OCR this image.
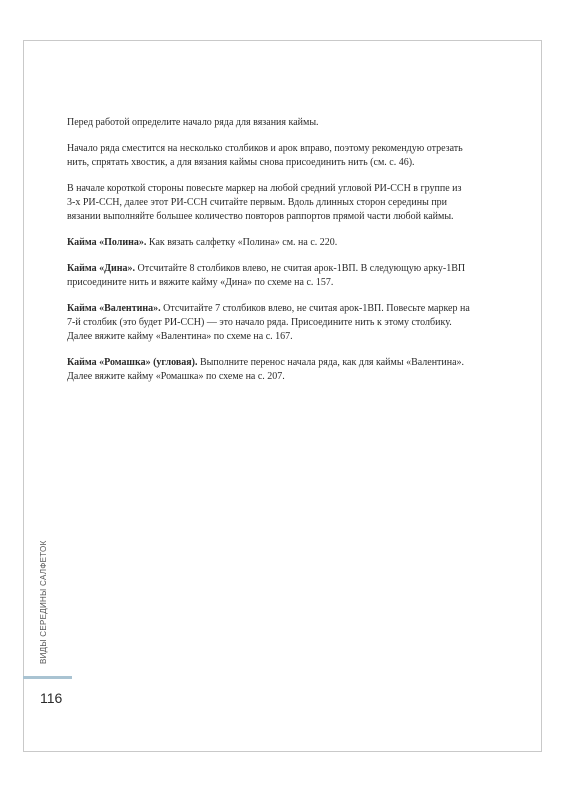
Перед работой определите начало ряда для вязания каймы.

Начало ряда сместится на несколько столбиков и арок вправо, поэтому рекомендую отрезать нить, спрятать хвостик, а для вязания каймы снова присоединить нить (см. с. 46).

В начале короткой стороны повесьте маркер на любой средний угловой РИ-ССН в группе из 3-х РИ-ССН, далее этот РИ-ССН считайте первым. Вдоль длинных сторон середины при вязании выполняйте большее количество повторов раппортов прямой части любой каймы.

Кайма «Полина». Как вязать салфетку «Полина» см. на с. 220.

Кайма «Дина». Отсчитайте 8 столбиков влево, не считая арок-1ВП. В следующую арку-1ВП присоедините нить и вяжите кайму «Дина» по схеме на с. 157.

Кайма «Валентина». Отсчитайте 7 столбиков влево, не считая арок-1ВП. Повесьте маркер на 7-й столбик (это будет РИ-ССН) — это начало ряда. Присоедините нить к этому столбику. Далее вяжите кайму «Валентина» по схеме на с. 167.

Кайма «Ромашка» (угловая). Выполните перенос начала ряда, как для каймы «Валентина». Далее вяжите кайму «Ромашка» по схеме на с. 207.

ВИДЫ СЕРЕДИНЫ САЛФЕТОК
116
